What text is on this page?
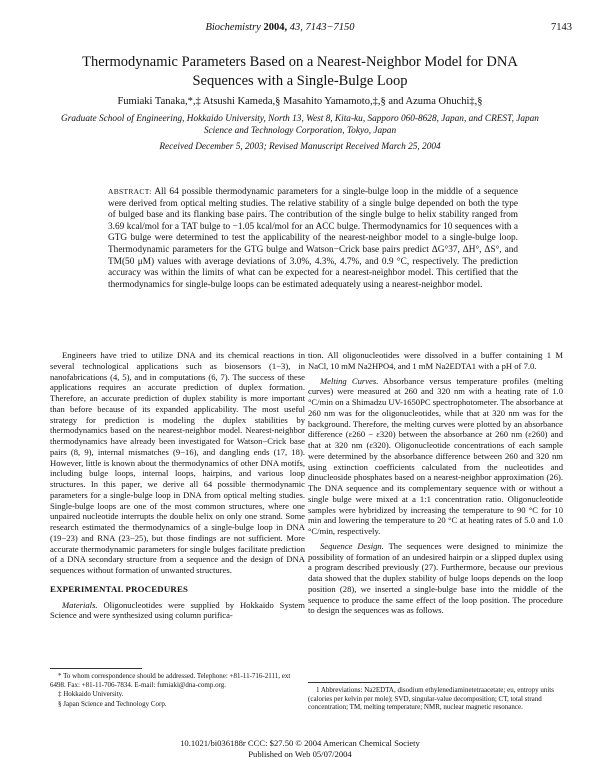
Biochemistry 2004, 43, 7143−7150	7143
Thermodynamic Parameters Based on a Nearest-Neighbor Model for DNA Sequences with a Single-Bulge Loop
Fumiaki Tanaka,*,‡ Atsushi Kameda,§ Masahito Yamamoto,‡,§ and Azuma Ohuchi‡,§
Graduate School of Engineering, Hokkaido University, North 13, West 8, Kita-ku, Sapporo 060-8628, Japan, and CREST, Japan Science and Technology Corporation, Tokyo, Japan
Received December 5, 2003; Revised Manuscript Received March 25, 2004
ABSTRACT: All 64 possible thermodynamic parameters for a single-bulge loop in the middle of a sequence were derived from optical melting studies. The relative stability of a single bulge depended on both the type of bulged base and its flanking base pairs. The contribution of the single bulge to helix stability ranged from 3.69 kcal/mol for a TAT bulge to −1.05 kcal/mol for an ACC bulge. Thermodynamics for 10 sequences with a GTG bulge were determined to test the applicability of the nearest-neighbor model to a single-bulge loop. Thermodynamic parameters for the GTG bulge and Watson−Crick base pairs predict ΔG°37, ΔH°, ΔS°, and TM(50 μM) values with average deviations of 3.0%, 4.3%, 4.7%, and 0.9 °C, respectively. The prediction accuracy was within the limits of what can be expected for a nearest-neighbor model. This certified that the thermodynamics for single-bulge loops can be estimated adequately using a nearest-neighbor model.

Engineers have tried to utilize DNA and its chemical reactions in several technological applications such as biosensors (1−3), in nanofabrications (4, 5), and in computations (6, 7). The success of these applications requires an accurate prediction of duplex formation. Therefore, an accurate prediction of duplex stability is more important than before because of its expanded applicability. The most useful strategy for prediction is modeling the duplex stabilities by thermodynamics based on the nearest-neighbor model. Nearest-neighbor thermodynamics have already been investigated for Watson−Crick base pairs (8, 9), internal mismatches (9−16), and dangling ends (17, 18). However, little is known about the thermodynamics of other DNA motifs, including bulge loops, internal loops, hairpins, and various loop structures. In this paper, we derive all 64 possible thermodynamic parameters for a single-bulge loop in DNA from optical melting studies. Single-bulge loops are one of the most common structures, where one unpaired nucleotide interrupts the double helix on only one strand. Some research estimated the thermodynamics of a single-bulge loop in DNA (19−23) and RNA (23−25), but those findings are not sufficient. More accurate thermodynamic parameters for single bulges facilitate prediction of a DNA secondary structure from a sequence and the design of DNA sequences without formation of unwanted structures.

EXPERIMENTAL PROCEDURES

Materials. Oligonucleotides were supplied by Hokkaido System Science and were synthesized using column purifica-

tion. All oligonucleotides were dissolved in a buffer containing 1 M NaCl, 10 mM Na2HPO4, and 1 mM Na2EDTA1 with a pH of 7.0.

Melting Curves. Absorbance versus temperature profiles (melting curves) were measured at 260 and 320 nm with a heating rate of 1.0 °C/min on a Shimadzu UV-1650PC spectrophotometer. The absorbance at 260 nm was for the oligonucleotides, while that at 320 nm was for the background. Therefore, the melting curves were plotted by an absorbance difference (ε260 − ε320) between the absorbance at 260 nm (ε260) and that at 320 nm (ε320). Oligonucleotide concentrations of each sample were determined by the absorbance difference between 260 and 320 nm using extinction coefficients calculated from the nucleotides and dinucleoside phosphates based on a nearest-neighbor approximation (26). The DNA sequence and its complementary sequence with or without a single bulge were mixed at a 1:1 concentration ratio. Oligonucleotide samples were hybridized by increasing the temperature to 90 °C for 10 min and lowering the temperature to 20 °C at heating rates of 5.0 and 1.0 °C/min, respectively.

Sequence Design. The sequences were designed to minimize the possibility of formation of an undesired hairpin or a slipped duplex using a program described previously (27). Furthermore, because our previous data showed that the duplex stability of bulge loops depends on the loop position (28), we inserted a single-bulge base into the middle of the sequence to produce the same effect of the loop position. The procedure to design the sequences was as follows.

* To whom correspondence should be addressed. Telephone: +81-11-716-2111, ext 6498. Fax: +81-11-706-7834. E-mail: fumiaki@dna-comp.org.

‡ Hokkaido University.

§ Japan Science and Technology Corp.

1 Abbreviations: Na2EDTA, disodium ethylenediaminetetraacetate; eu, entropy units (calories per kelvin per mole); SVD, singular-value decomposition; CT, total strand concentration; TM, melting temperature; NMR, nuclear magnetic resonance.

10.1021/bi036188r CCC: $27.50 © 2004 American Chemical Society
Published on Web 05/07/2004
